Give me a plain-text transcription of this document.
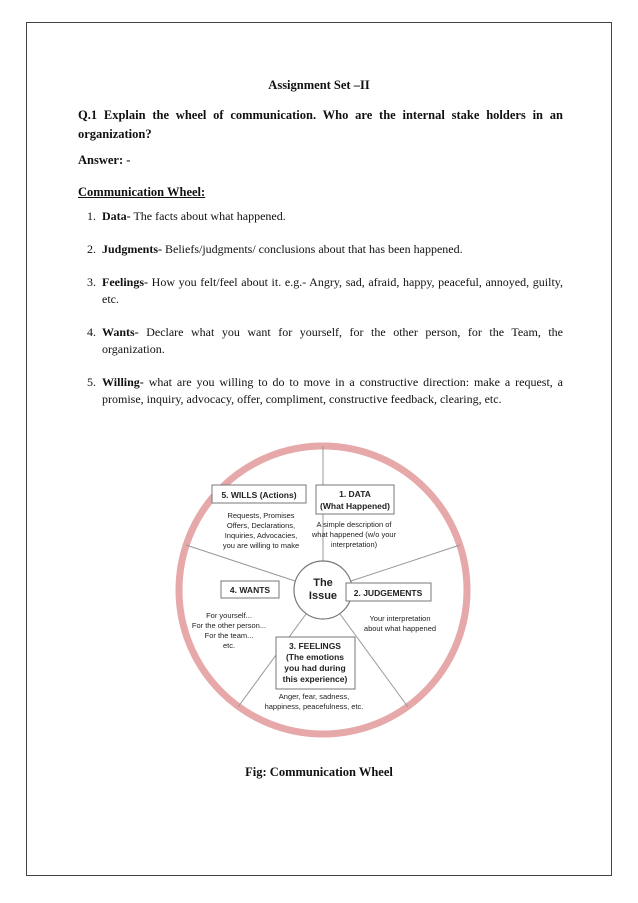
Assignment Set –II
Q.1 Explain the wheel of communication. Who are the internal stake holders in an organization?
Answer: -
Communication Wheel:
1. Data- The facts about what happened.
2. Judgments- Beliefs/judgments/ conclusions about that has been happened.
3. Feelings- How you felt/feel about it. e.g.- Angry, sad, afraid, happy, peaceful, annoyed, guilty, etc.
4. Wants- Declare what you want for yourself, for the other person, for the Team, the organization.
5. Willing- what are you willing to do to move in a constructive direction: make a request, a promise, inquiry, advocacy, offer, compliment, constructive feedback, clearing, etc.
The
Issue
1. DATA
(What Happened)
A simple description of
what happened (w/o your
interpretation)
2. JUDGEMENTS
Your interpretation
about what happened
3. FEELINGS
(The emotions
you had during
this experience)
Anger, fear, sadness,
happiness, peacefulness, etc.
4. WANTS
For yourself...
For the other person...
For the team...
etc.
5. WILLS (Actions)
Requests, Promises
Offers, Declarations,
Inquiries, Advocacies,
you are willing to make
Fig: Communication Wheel
